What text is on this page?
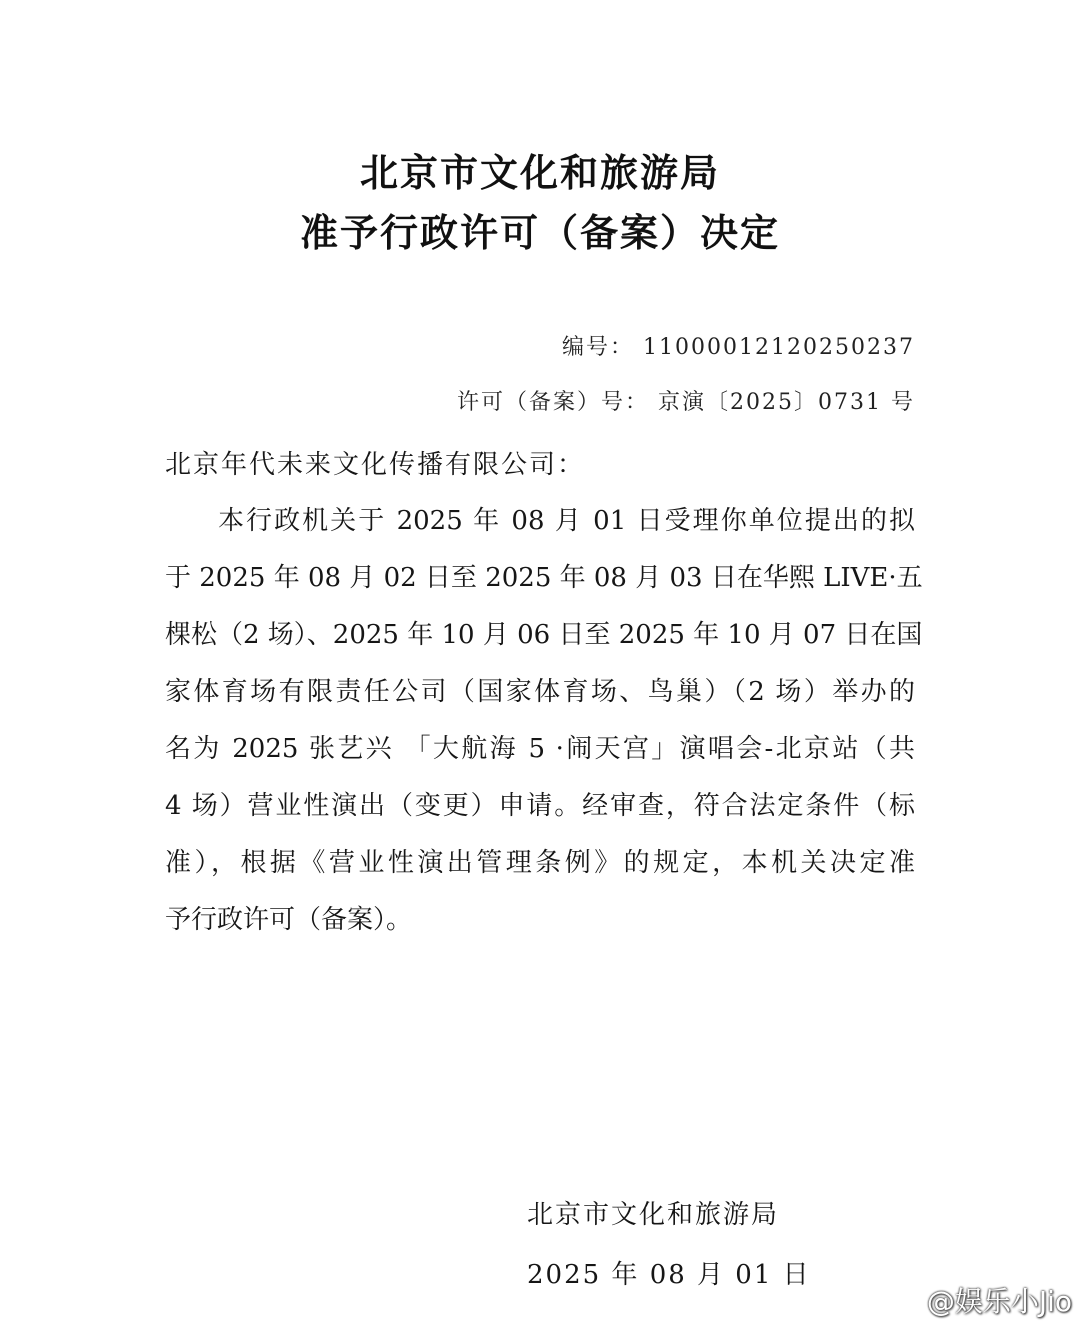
北京市文化和旅游局
准予行政许可（备案）决定
编号： 11000012120250237
许可（备案）号： 京演〔2025〕0731 号
北京年代未来文化传播有限公司：
本行政机关于 2025 年 08 月 01 日受理你单位提出的拟
于 2025 年 08 月 02 日至 2025 年 08 月 03 日在华熙 LIVE·五
棵松（2 场）、2025 年 10 月 06 日至 2025 年 10 月 07 日在国
家体育场有限责任公司（国家体育场、鸟巢）（2 场）举办的
名为 2025 张艺兴 「大航海 5 ·闹天宫」演唱会-北京站（共
4 场）营业性演出（变更）申请。经审查，符合法定条件（标
准），根据《营业性演出管理条例》的规定，本机关决定准
予行政许可（备案）。
北京市文化和旅游局
2025 年 08 月 01 日
@娱乐小Jio
